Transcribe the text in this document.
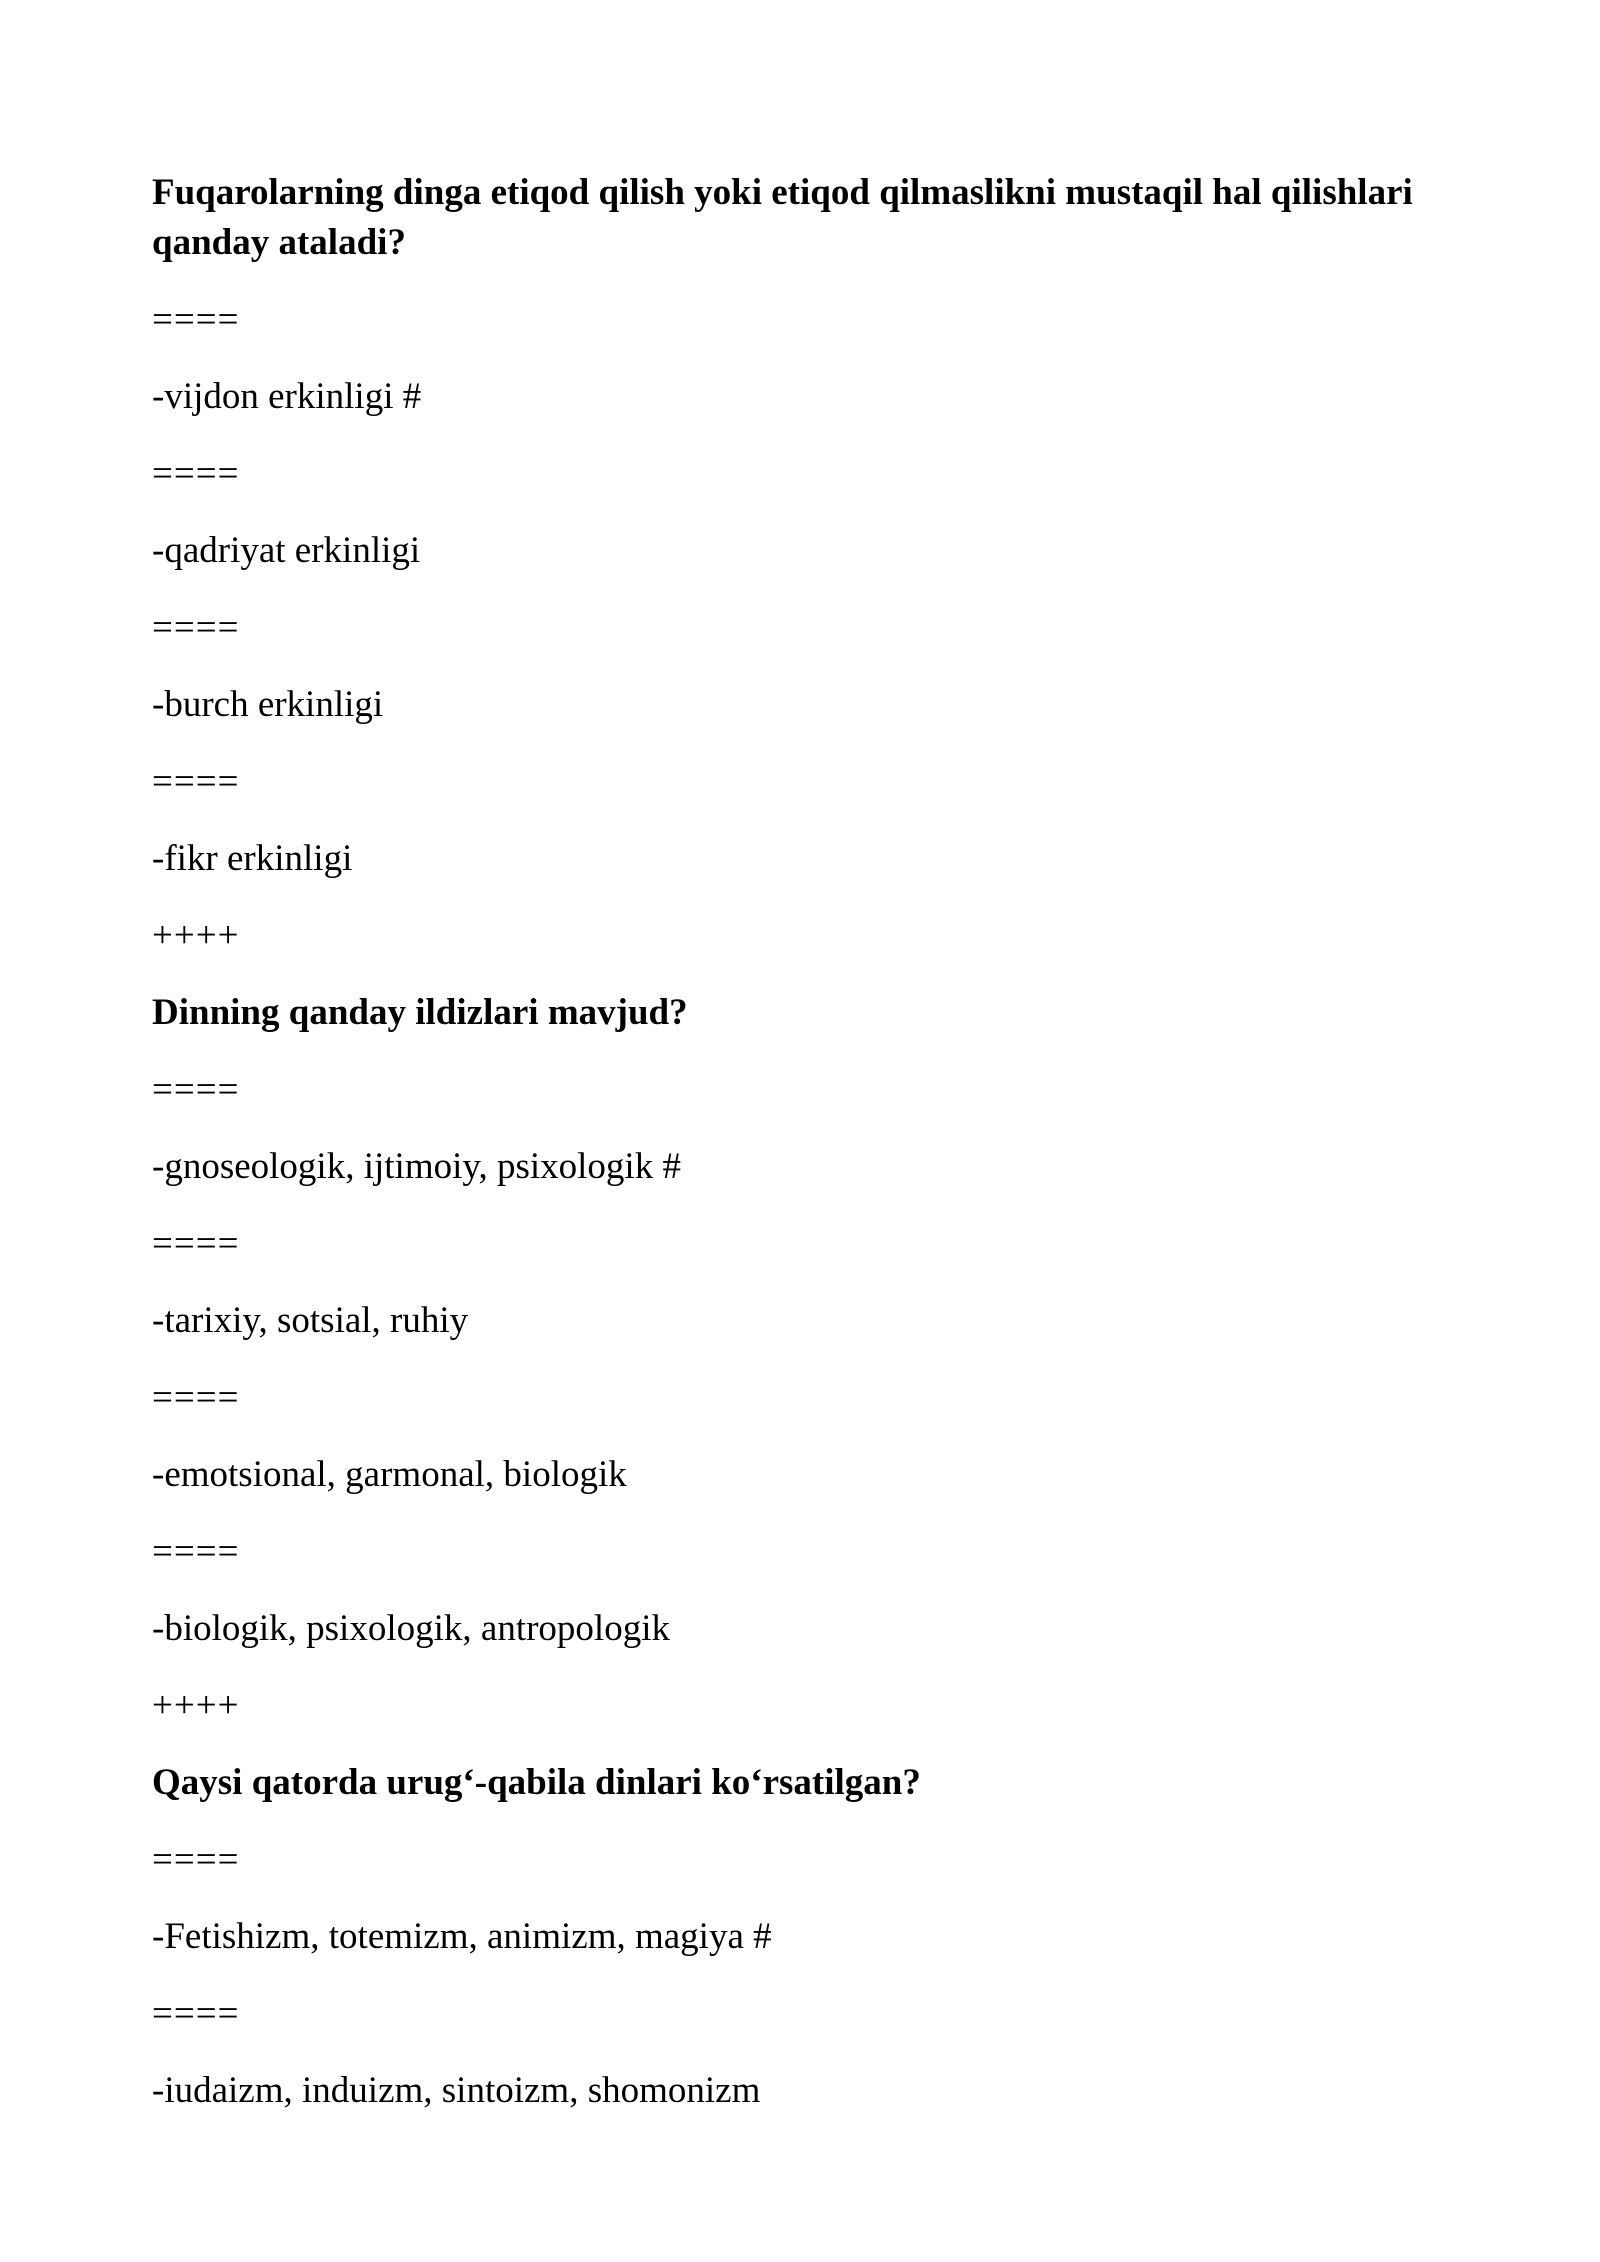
Fuqarolarning dinga etiqod qilish yoki etiqod qilmaslikni mustaqil hal qilishlari qanday ataladi?
====
-vijdon erkinligi #
====
-qadriyat erkinligi
====
-burch erkinligi
====
-fikr erkinligi
++++
Dinning qanday ildizlari mavjud?
====
-gnoseologik, ijtimoiy, psixologik #
====
-tarixiy, sotsial, ruhiy
====
-emotsional, garmonal, biologik
====
-biologik, psixologik, antropologik
++++
Qaysi qatorda urug‘-qabila dinlari ko‘rsatilgan?
====
-Fetishizm, totemizm, animizm, magiya #
====
-iudaizm, induizm, sintoizm, shomonizm
